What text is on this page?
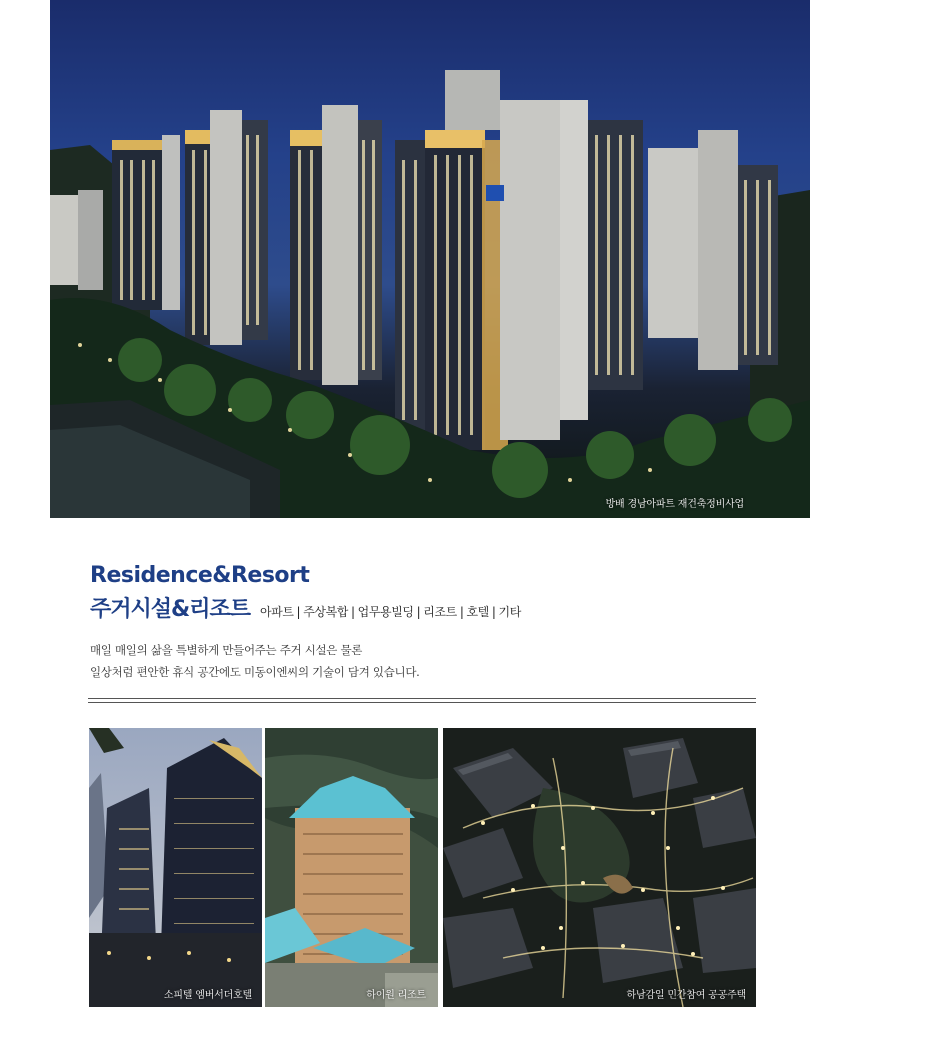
방배 경남아파트 재건축정비사업
Residence&Resort
주거시설&리조트 아파트 | 주상복합 | 업무용빌딩 | 리조트 | 호텔 | 기타
매일 매일의 삶을 특별하게 만들어주는 주거 시설은 물론
일상처럼 편안한 휴식 공간에도 미동이엔씨의 기술이 담겨 있습니다.
소피텔 엠버서더호텔	하이원 리조트	하남감일 민간참여 공공주택
